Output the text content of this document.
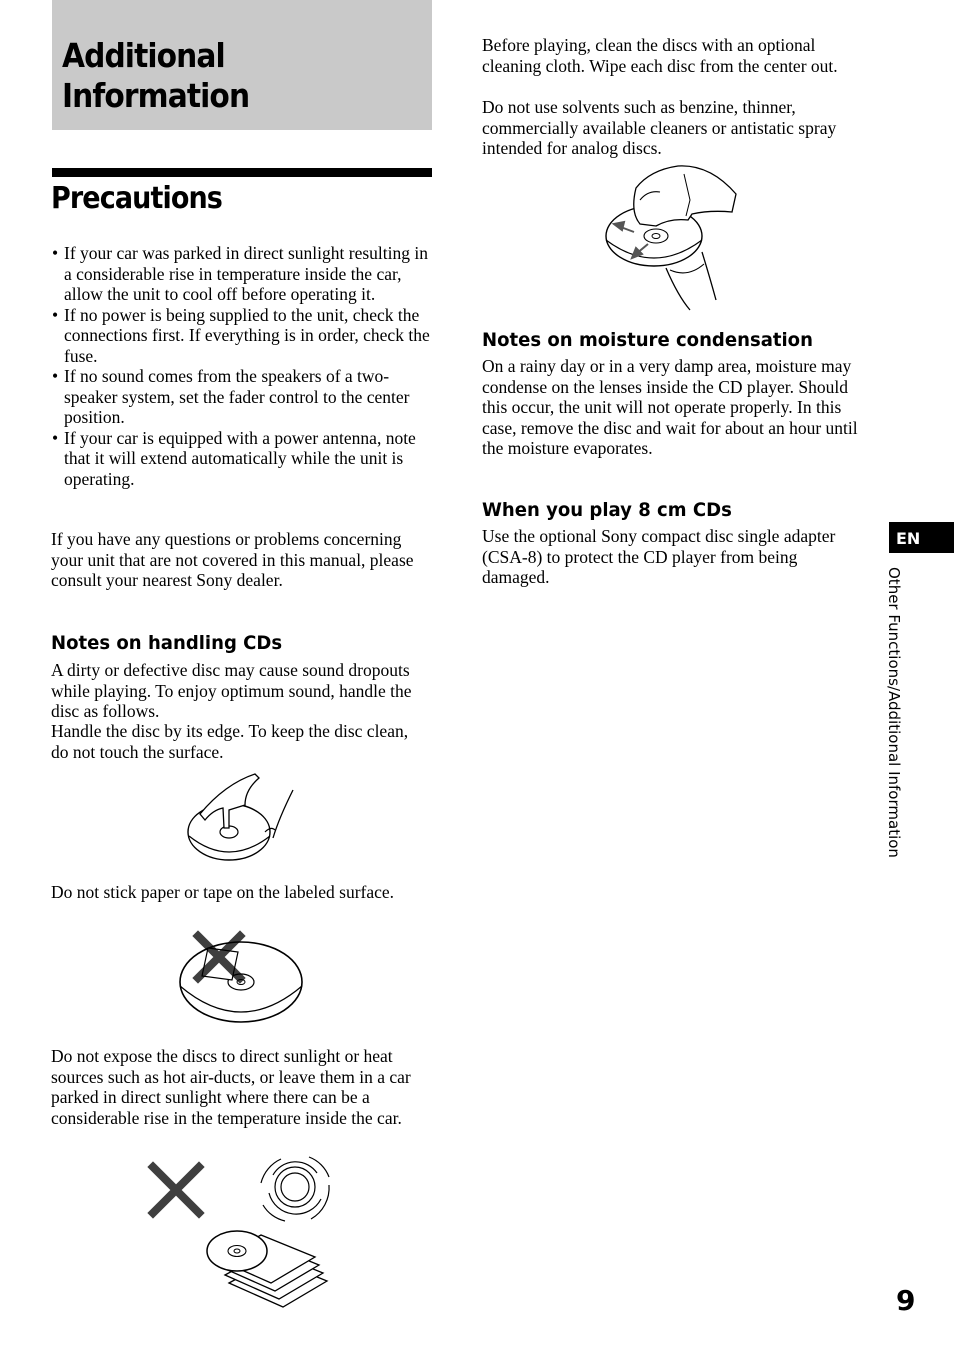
Additional
Information
Precautions
• If your car was parked in direct sunlight resulting in a considerable rise in temperature inside the car, allow the unit to cool off before operating it.
• If no power is being supplied to the unit, check the connections first. If everything is in order, check the fuse.
• If no sound comes from the speakers of a two-speaker system, set the fader control to the center position.
• If your car is equipped with a power antenna, note that it will extend automatically while the unit is operating.

If you have any questions or problems concerning your unit that are not covered in this manual, please consult your nearest Sony dealer.

Notes on handling CDs

A dirty or defective disc may cause sound dropouts while playing. To enjoy optimum sound, handle the disc as follows.

Handle the disc by its edge. To keep the disc clean, do not touch the surface.

Do not stick paper or tape on the labeled surface.

Do not expose the discs to direct sunlight or heat sources such as hot air-ducts, or leave them in a car parked in direct sunlight where there can be a considerable rise in the temperature inside the car.

Before playing, clean the discs with an optional cleaning cloth. Wipe each disc from the center out.

Do not use solvents such as benzine, thinner, commercially available cleaners or antistatic spray intended for analog discs.

Notes on moisture condensation

On a rainy day or in a very damp area, moisture may condense on the lenses inside the CD player. Should this occur, the unit will not operate properly. In this case, remove the disc and wait for about an hour until the moisture evaporates.

When you play 8 cm CDs

Use the optional Sony compact disc single adapter (CSA-8) to protect the CD player from being damaged.

EN
Other Functions/Additional Information
9
